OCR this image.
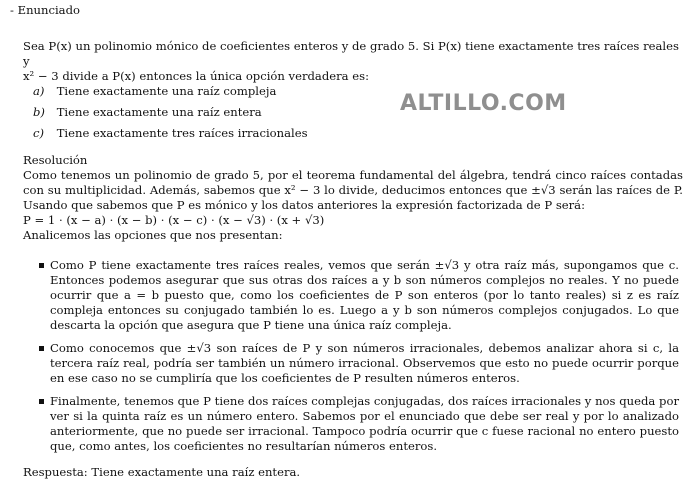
- Enunciado

Sea P(x) un polinomio mónico de coeficientes enteros y de grado 5. Si P(x) tiene exactamente tres raíces reales y

x² − 3 divide a P(x) entonces la única opción verdadera es:

a) Tiene exactamente una raíz compleja
b) Tiene exactamente una raíz entera
c) Tiene exactamente tres raíces irracionales
ALTILLO.COM

Resolución

Como tenemos un polinomio de grado 5, por el teorema fundamental del álgebra, tendrá cinco raíces contadas con su multiplicidad. Además, sabemos que x² − 3 lo divide, deducimos entonces que ±√3 serán las raíces de P. Usando que sabemos que P es mónico y los datos anteriores la expresión factorizada de P será:

P = 1 · (x − a) · (x − b) · (x − c) · (x − √3) · (x + √3)

Analicemos las opciones que nos presentan:

Como P tiene exactamente tres raíces reales, vemos que serán ±√3 y otra raíz más, supongamos que c. Entonces podemos asegurar que sus otras dos raíces a y b son números complejos no reales. Y no puede ocurrir que a = b puesto que, como los coeficientes de P son enteros (por lo tanto reales) si z es raíz compleja entonces su conjugado también lo es. Luego a y b son números complejos conjugados. Lo que descarta la opción que asegura que P tiene una única raíz compleja.
Como conocemos que ±√3 son raíces de P y son números irracionales, debemos analizar ahora si c, la tercera raíz real, podría ser también un número irracional. Observemos que esto no puede ocurrir porque en ese caso no se cumpliría que los coeficientes de P resulten números enteros.
Finalmente, tenemos que P tiene dos raíces complejas conjugadas, dos raíces irracionales y nos queda por ver si la quinta raíz es un número entero. Sabemos por el enunciado que debe ser real y por lo analizado anteriormente, que no puede ser irracional. Tampoco podría ocurrir que c fuese racional no entero puesto que, como antes, los coeficientes no resultarían números enteros.
Respuesta: Tiene exactamente una raíz entera.
